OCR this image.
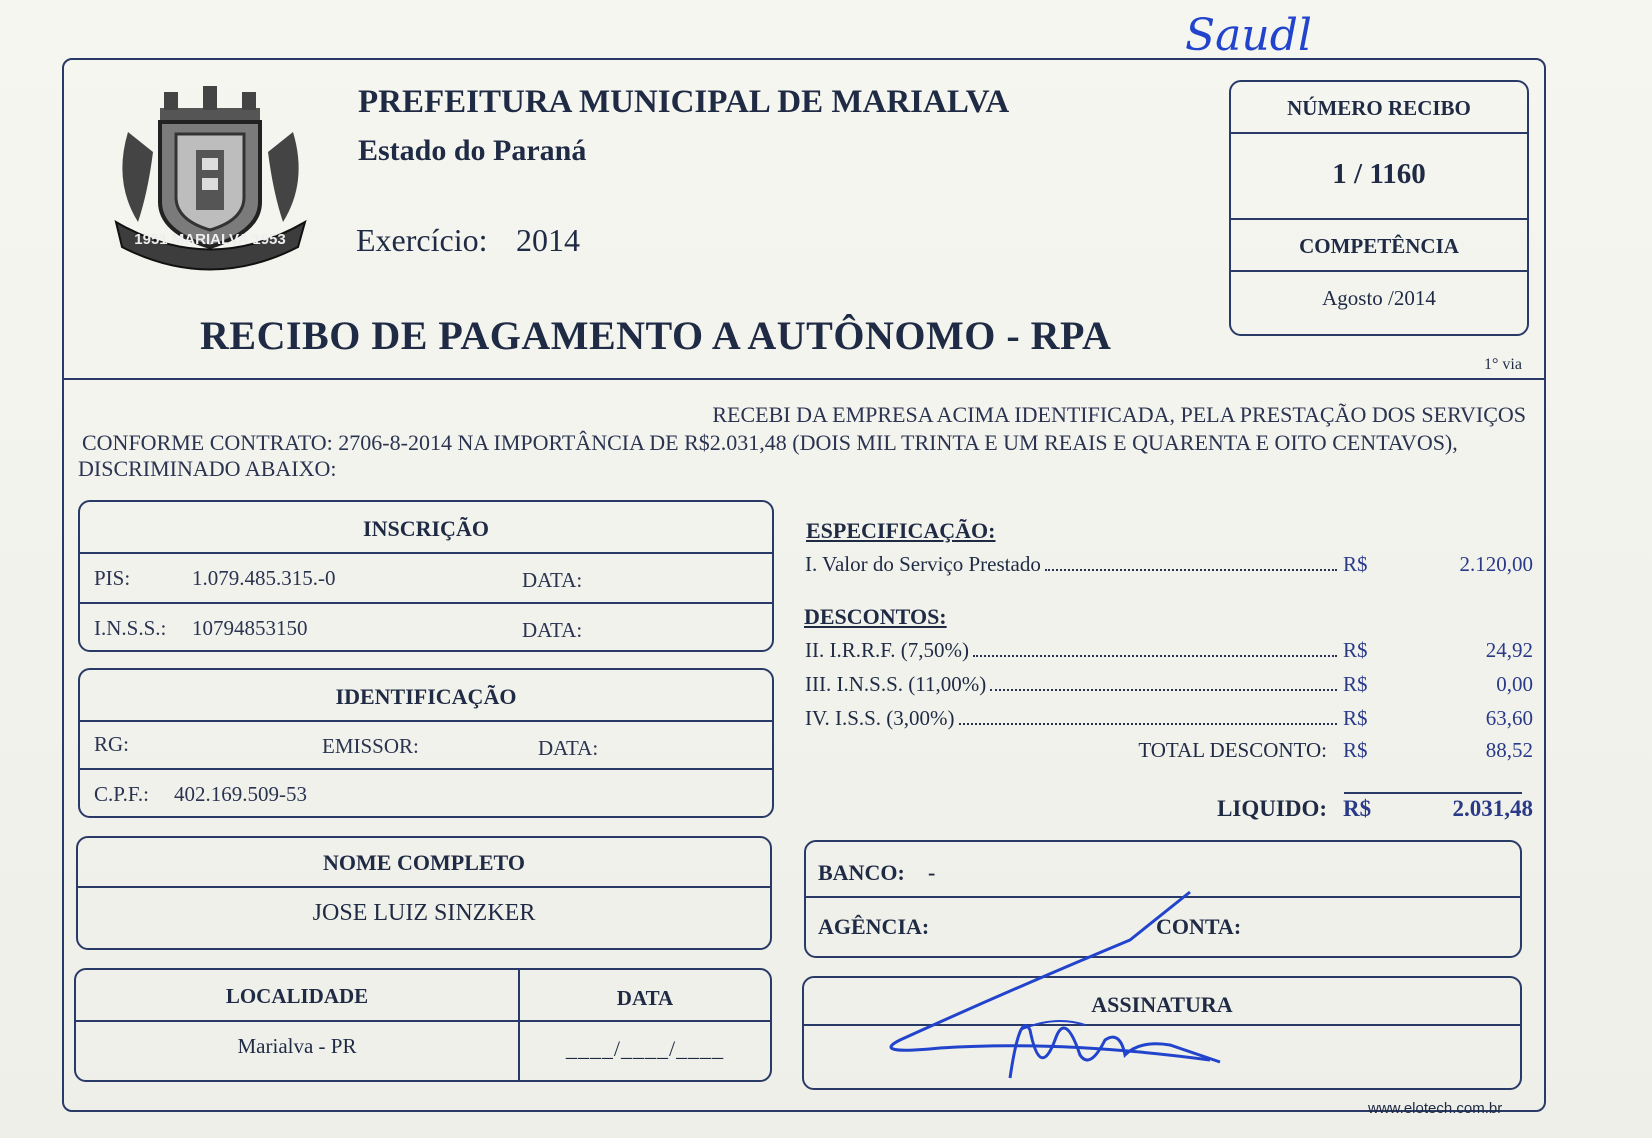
Saudl
1951 MARIALVA 1953
PREFEITURA MUNICIPAL DE MARIALVA
Estado do Paraná
Exercício: 2014
RECIBO DE PAGAMENTO A AUTÔNOMO - RPA
NÚMERO RECIBO
1 / 1160
COMPETÊNCIA
Agosto /2014
1° via
RECEBI DA EMPRESA ACIMA IDENTIFICADA, PELA PRESTAÇÃO DOS SERVIÇOS
CONFORME CONTRATO: 2706-8-2014 NA IMPORTÂNCIA DE R$2.031,48 (DOIS MIL TRINTA E UM REAIS E QUARENTA E OITO CENTAVOS),
DISCRIMINADO ABAIXO:
INSCRIÇÃO
PIS:	1.079.485.315.-0	DATA:
I.N.S.S.: 10794853150	DATA:
IDENTIFICAÇÃO
RG:	EMISSOR:	DATA:
C.P.F.: 402.169.509-53
NOME COMPLETO
JOSE LUIZ SINZKER
LOCALIDADE	DATA
Marialva - PR	____/____/____
ESPECIFICAÇÃO:
I. Valor do Serviço Prestado	R$	2.120,00
DESCONTOS:
II. I.R.R.F. (7,50%)	R$	24,92
III. I.N.S.S. (11,00%)	R$	0,00
IV. I.S.S. (3,00%)	R$	63,60
TOTAL DESCONTO: R$	88,52
LIQUIDO: R$	2.031,48
BANCO: -
AGÊNCIA:	CONTA:
ASSINATURA
www.elotech.com.br
